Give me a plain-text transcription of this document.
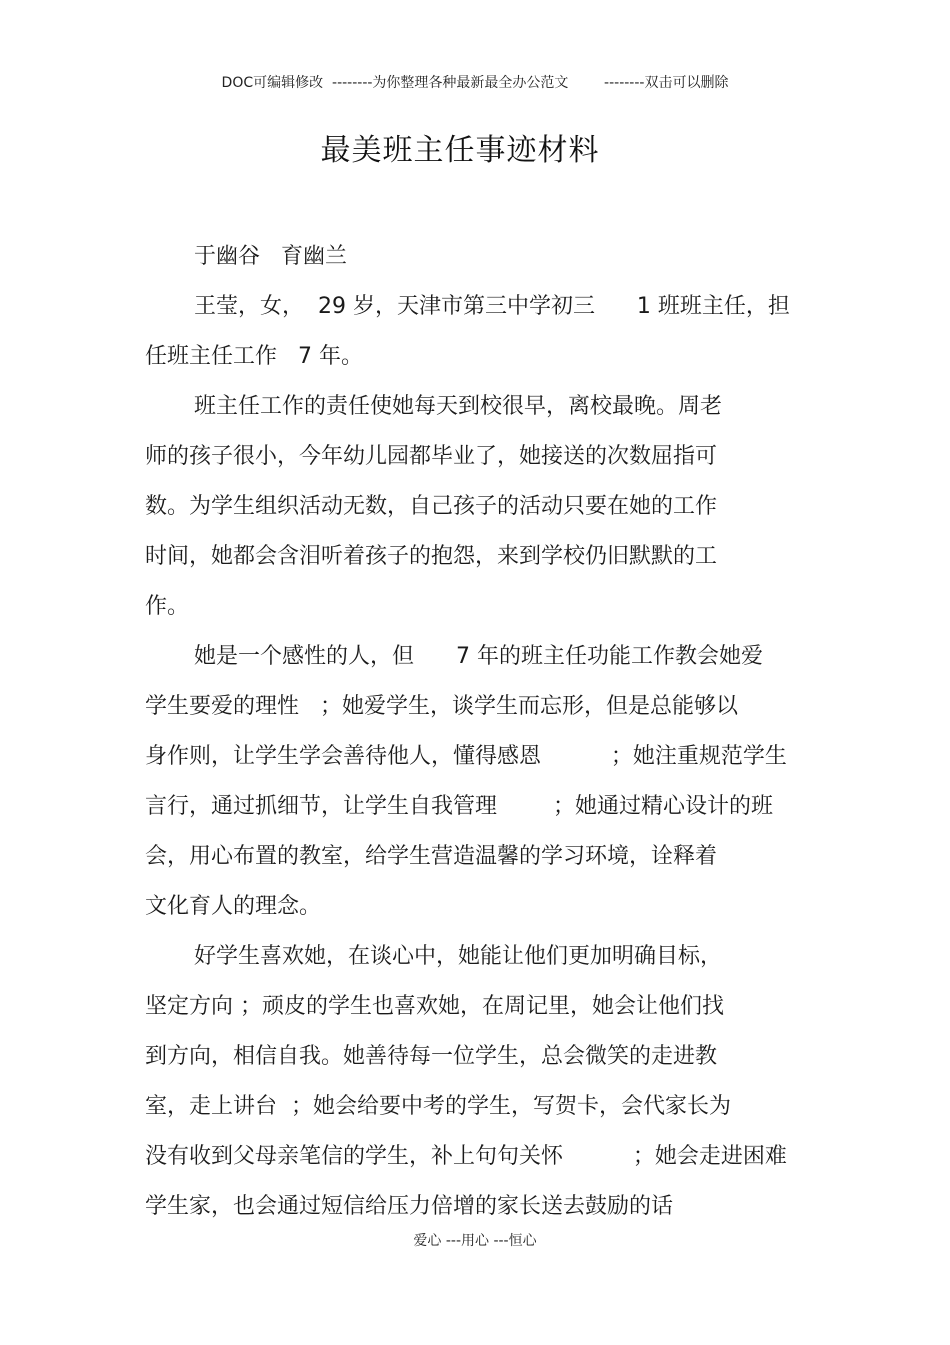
DOC可编辑修改  --------为你整理各种最新最全办公范文        --------双击可以删除
最美班主任事迹材料
于幽谷   育幽兰
王莹，女，  29 岁，天津市第三中学初三      1 班班主任，担
任班主任工作   7 年。
班主任工作的责任使她每天到校很早，离校最晚。周老
师的孩子很小，今年幼儿园都毕业了，她接送的次数屈指可
数。为学生组织活动无数，自己孩子的活动只要在她的工作
时间，她都会含泪听着孩子的抱怨，来到学校仍旧默默的工
作。
她是一个感性的人，但      7 年的班主任功能工作教会她爱
学生要爱的理性   ；她爱学生，谈学生而忘形，但是总能够以
身作则，让学生学会善待他人，懂得感恩          ；她注重规范学生
言行，通过抓细节，让学生自我管理        ；她通过精心设计的班
会，用心布置的教室，给学生营造温馨的学习环境，诠释着
文化育人的理念。
好学生喜欢她，在谈心中，她能让他们更加明确目标，
坚定方向 ；顽皮的学生也喜欢她，在周记里，她会让他们找
到方向，相信自我。她善待每一位学生，总会微笑的走进教
室，走上讲台  ；她会给要中考的学生，写贺卡，会代家长为
没有收到父母亲笔信的学生，补上句句关怀          ；她会走进困难
学生家，也会通过短信给压力倍增的家长送去鼓励的话
爱心 ---用心 ---恒心
